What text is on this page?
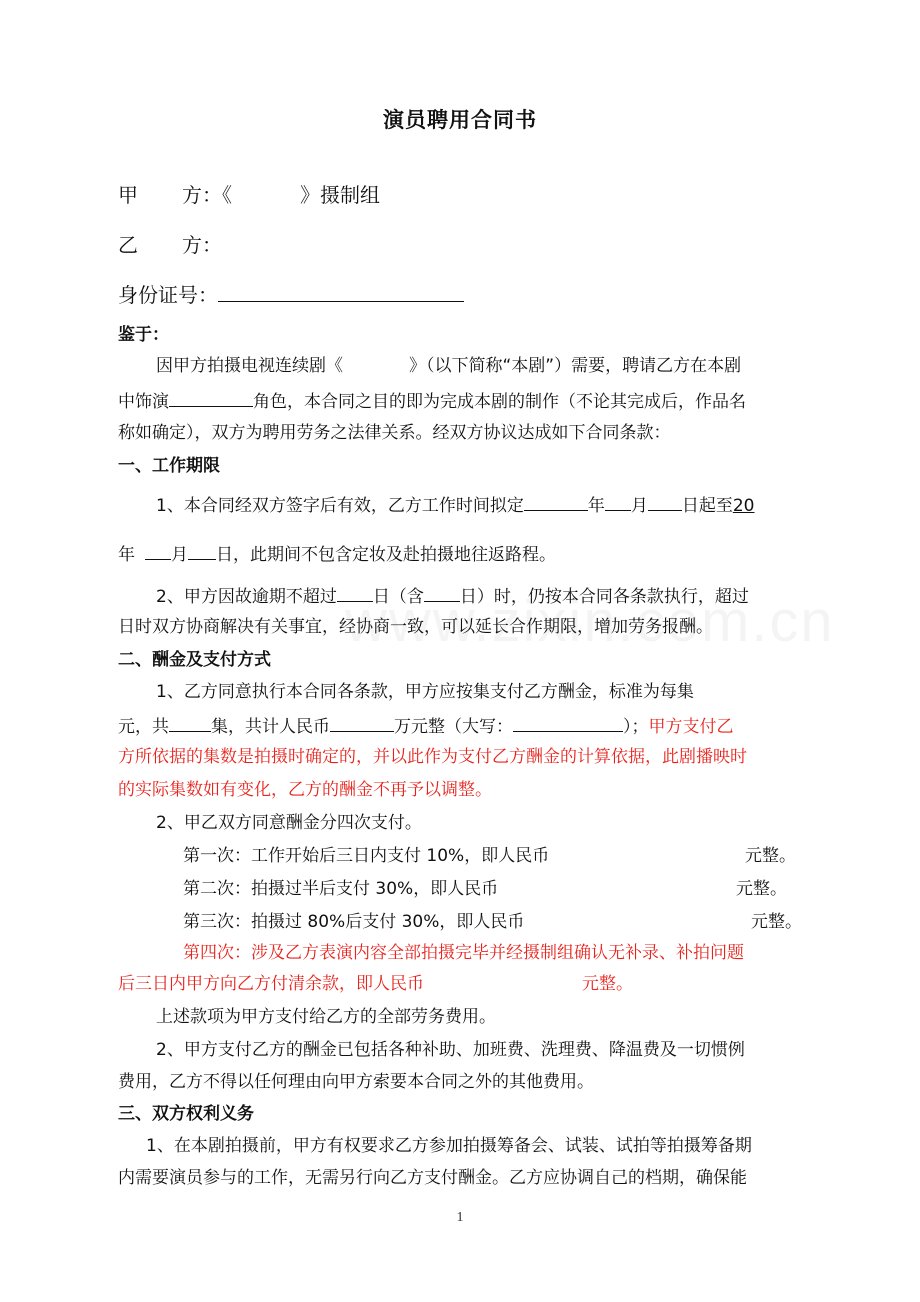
演员聘用合同书
甲 方：《	》摄制组
乙 方：
身份证号：
鉴于：
因甲方拍摄电视连续剧《	》（以下简称“本剧”）需要，聘请乙方在本剧
中饰演	角色，本合同之目的即为完成本剧的制作（不论其完成后，作品名
称如确定），双方为聘用劳务之法律关系。经双方协议达成如下合同条款：
一、工作期限
1、本合同经双方签字后有效，乙方工作时间拟定	年 月 日起至20
年 月 日，此期间不包含定妆及赴拍摄地往返路程。
2、甲方因故逾期不超过 日（含 日）时，仍按本合同各条款执行，超过
日时双方协商解决有关事宜，经协商一致，可以延长合作期限，增加劳务报酬。
二、酬金及支付方式
1、乙方同意执行本合同各条款，甲方应按集支付乙方酬金，标准为每集
元，共 集，共计人民币	万元整（大写：	）；甲方支付乙
方所依据的集数是拍摄时确定的，并以此作为支付乙方酬金的计算依据，此剧播映时
的实际集数如有变化，乙方的酬金不再予以调整。
2、甲乙双方同意酬金分四次支付。
第一次：工作开始后三日内支付 10%，即人民币	元整。
第二次：拍摄过半后支付 30%，即人民币	元整。
第三次：拍摄过 80%后支付 30%，即人民币	元整。
第四次：涉及乙方表演内容全部拍摄完毕并经摄制组确认无补录、补拍问题
后三日内甲方向乙方付清余款，即人民币	元整。
上述款项为甲方支付给乙方的全部劳务费用。
2、甲方支付乙方的酬金已包括各种补助、加班费、洗理费、降温费及一切惯例
费用，乙方不得以任何理由向甲方索要本合同之外的其他费用。
三、双方权利义务
1、在本剧拍摄前，甲方有权要求乙方参加拍摄筹备会、试装、试拍等拍摄筹备期
内需要演员参与的工作，无需另行向乙方支付酬金。乙方应协调自己的档期，确保能
1
